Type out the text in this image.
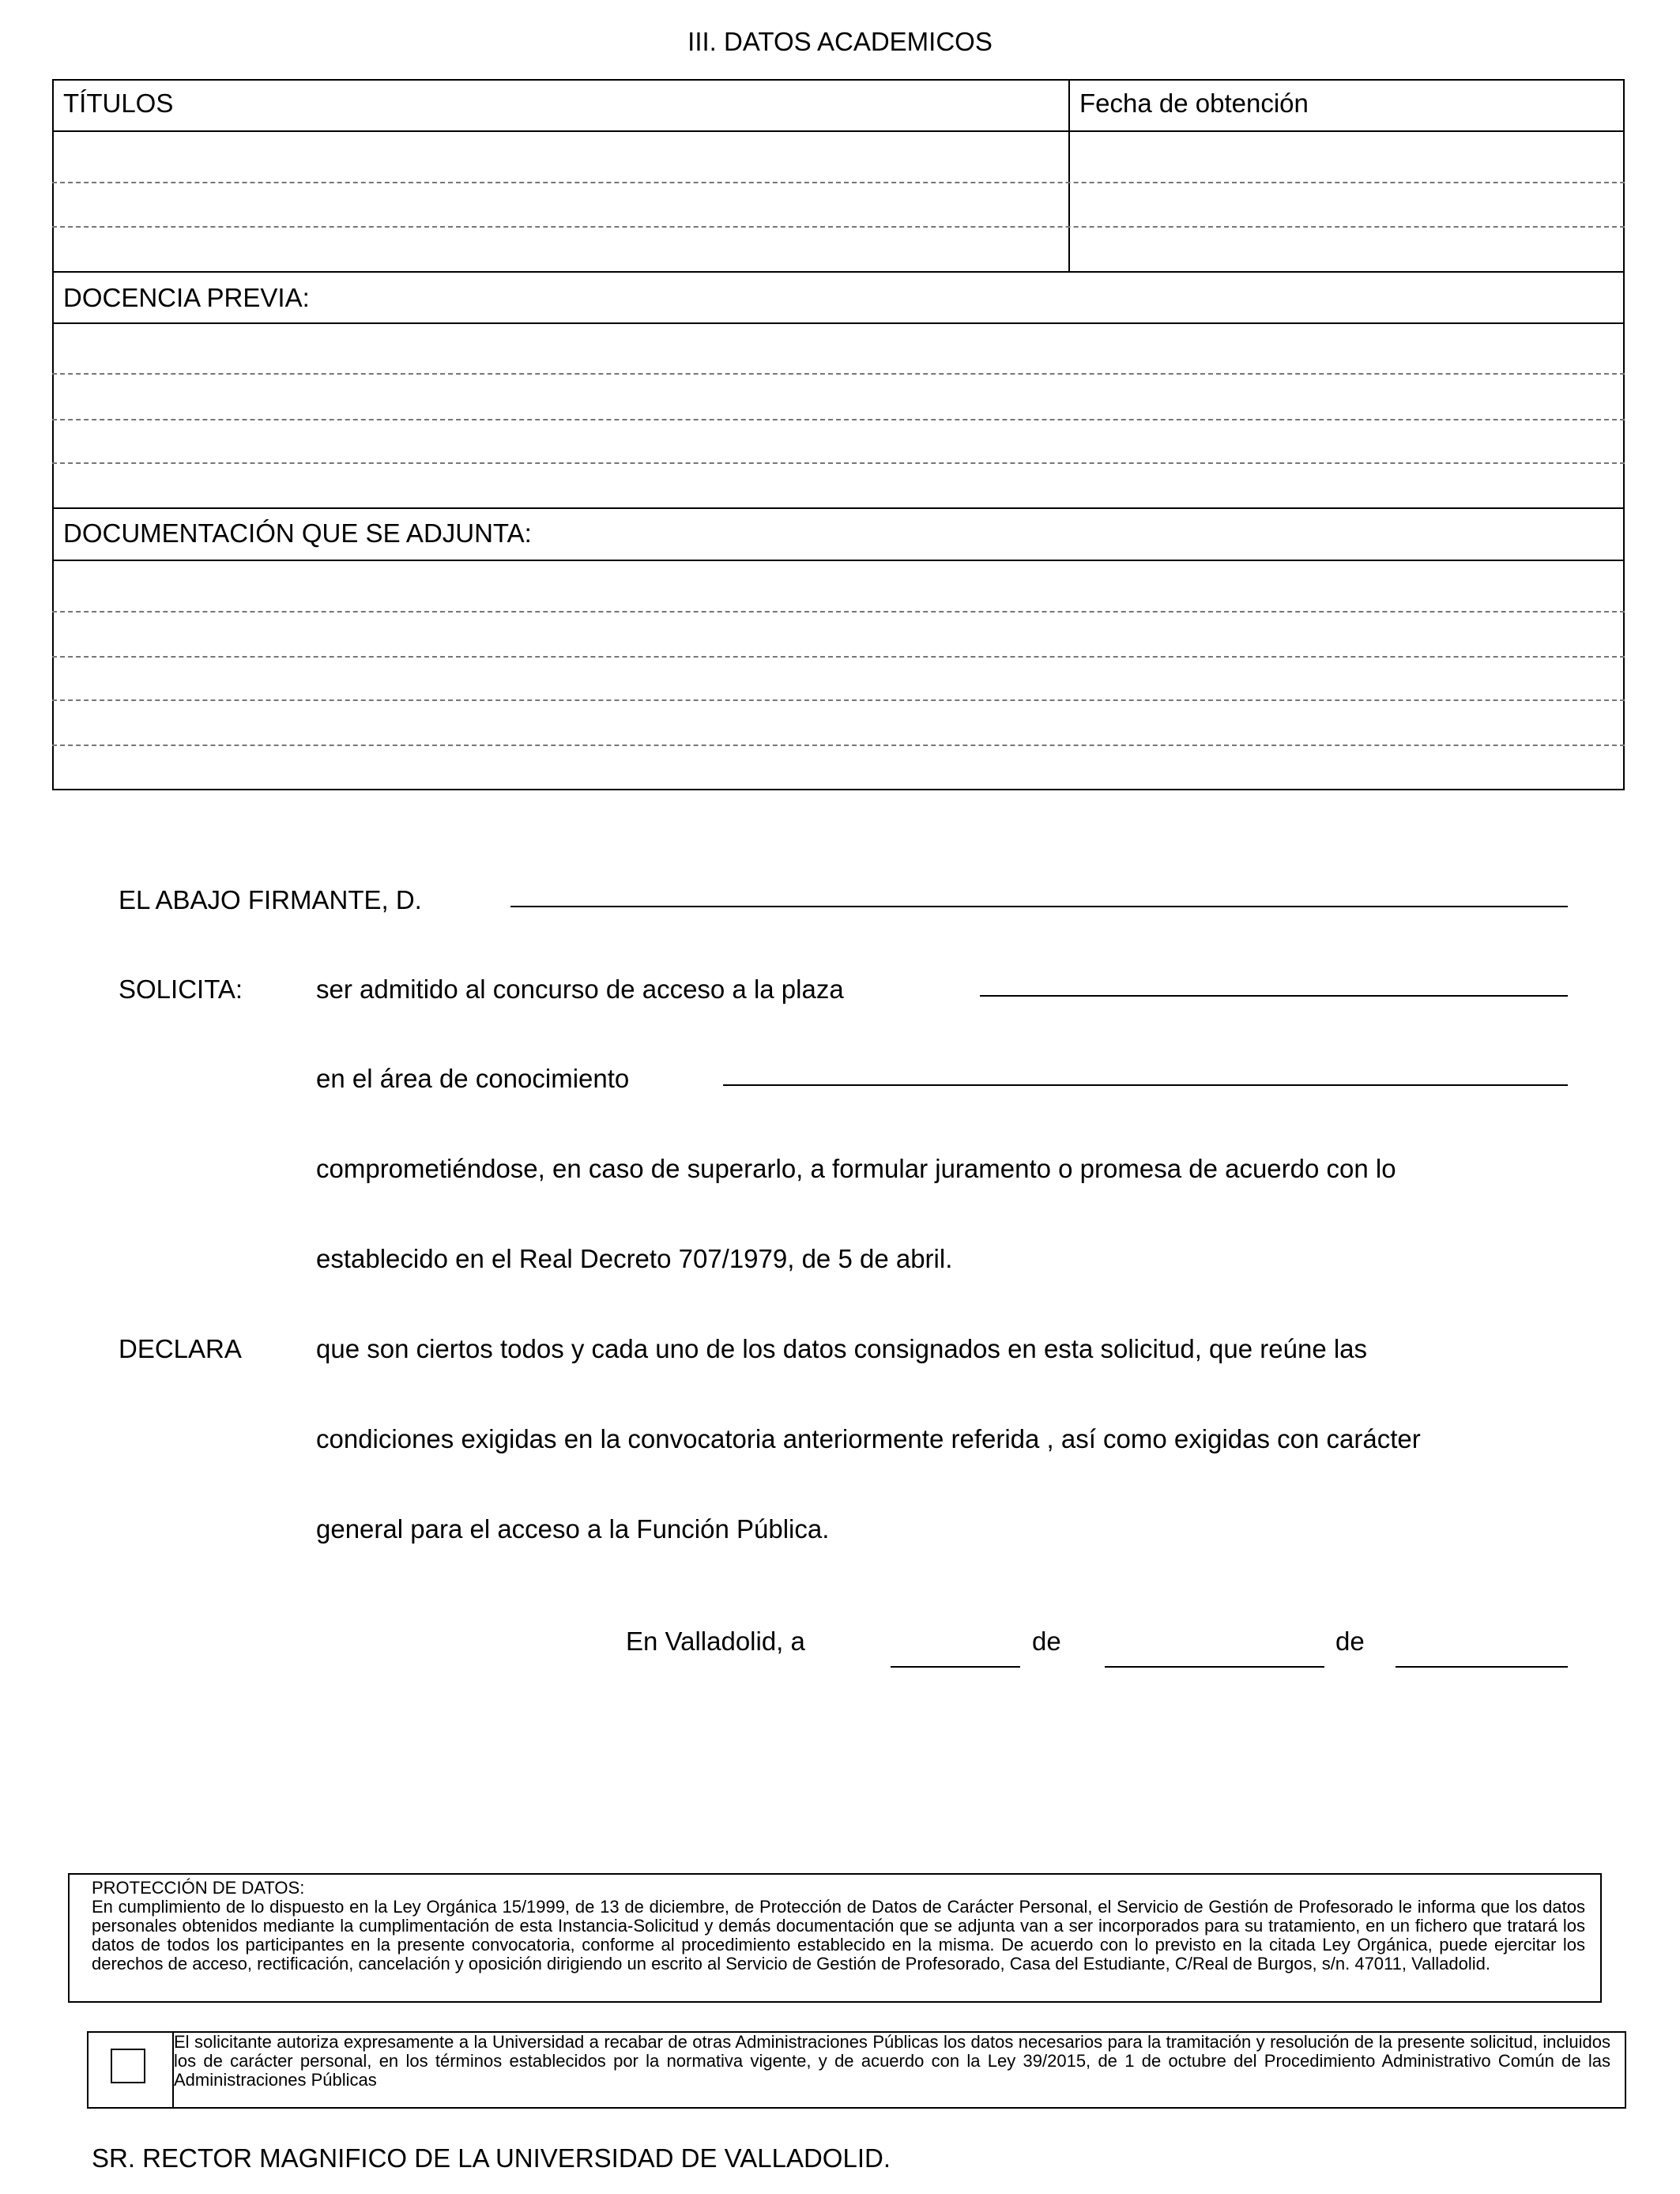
III. DATOS ACADEMICOS
TÍTULOS	Fecha de obtención
DOCENCIA PREVIA:
DOCUMENTACIÓN QUE SE ADJUNTA:
EL ABAJO FIRMANTE, D.
SOLICITA:	ser admitido al concurso de acceso a la plaza
en el área de conocimiento
comprometiéndose, en caso de superarlo, a formular juramento o promesa de acuerdo con lo
establecido en el Real Decreto 707/1979, de 5 de abril.
DECLARA	que son ciertos todos y cada uno de los datos consignados en esta solicitud, que reúne las
condiciones exigidas en la convocatoria anteriormente referida , así como exigidas con carácter
general para el acceso a la Función Pública.
En Valladolid, a	de	de
PROTECCIÓN DE DATOS:
En cumplimiento de lo dispuesto en la Ley Orgánica 15/1999, de 13 de diciembre, de Protección de Datos de Carácter Personal, el Servicio de Gestión de Profesorado le informa que los datos personales obtenidos mediante la cumplimentación de esta Instancia-Solicitud y demás documentación que se adjunta van a ser incorporados para su tratamiento, en un fichero que tratará los datos de todos los participantes en la presente convocatoria, conforme al procedimiento establecido en la misma. De acuerdo con lo previsto en la citada Ley Orgánica, puede ejercitar los derechos de acceso, rectificación, cancelación y oposición dirigiendo un escrito al Servicio de Gestión de Profesorado, Casa del Estudiante, C/Real de Burgos, s/n. 47011, Valladolid.
El solicitante autoriza expresamente a la Universidad a recabar de otras Administraciones Públicas los datos necesarios para la tramitación y resolución de la presente solicitud, incluidos los de carácter personal, en los términos establecidos por la normativa vigente, y de acuerdo con la Ley 39/2015, de 1 de octubre del Procedimiento Administrativo Común de las Administraciones Públicas
SR. RECTOR MAGNIFICO DE LA UNIVERSIDAD DE VALLADOLID.
